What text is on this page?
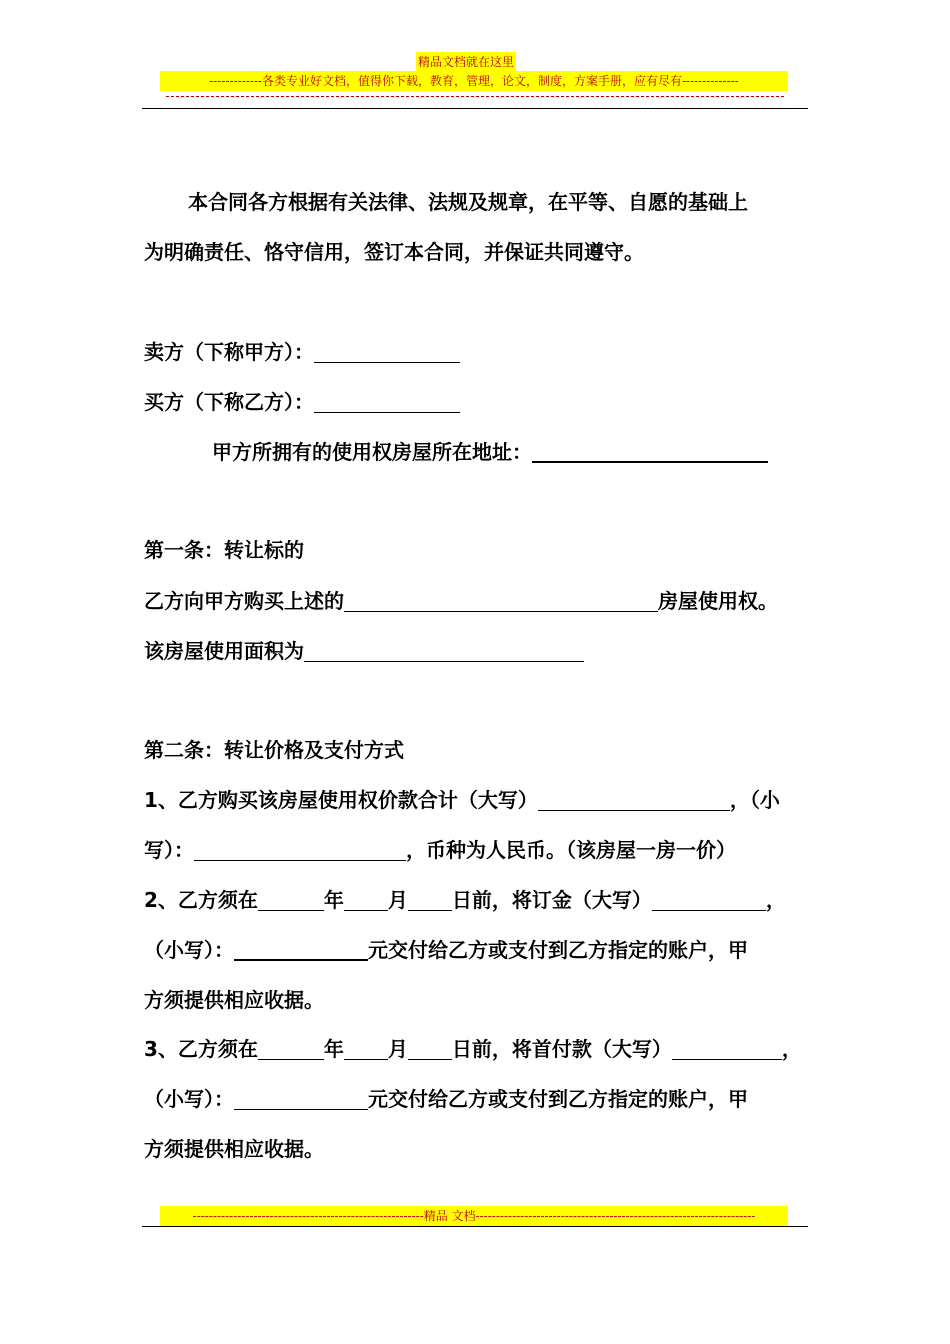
精品文档就在这里
-------------各类专业好文档，值得你下载，教育，管理，论文，制度，方案手册，应有尽有--------------
本合同各方根据有关法律、法规及规章，在平等、自愿的基础上
为明确责任、恪守信用，签订本合同，并保证共同遵守。
卖方（下称甲方）：
买方（下称乙方）：
甲方所拥有的使用权房屋所在地址：
第一条：转让标的
乙方向甲方购买上述的	房屋使用权。
该房屋使用面积为
第二条：转让价格及支付方式
1、乙方购买该房屋使用权价款合计（大写）	，（小
写）：	，币种为人民币。（该房屋一房一价）
2、乙方须在	年 月 日前，将订金（大写）	，
（小写）：	元交付给乙方或支付到乙方指定的账户，甲
方须提供相应收据。
3、乙方须在	年 月 日前，将首付款（大写）	，
（小写）：	元交付给乙方或支付到乙方指定的账户，甲
方须提供相应收据。
---------------------------------------------------------精品 文档---------------------------------------------------------------------
